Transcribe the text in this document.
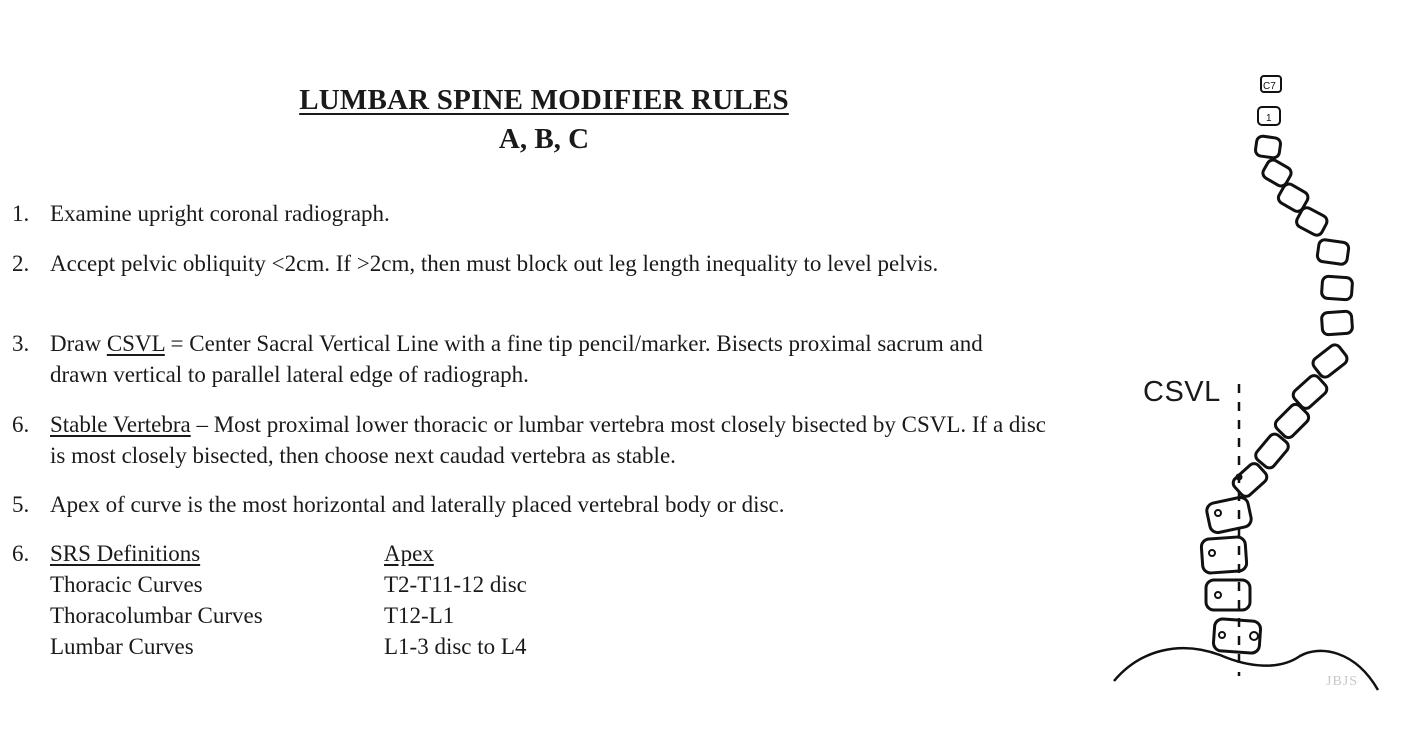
LUMBAR SPINE MODIFIER RULES
A, B, C
1. Examine upright coronal radiograph.
2. Accept pelvic obliquity <2cm. If >2cm, then must block out leg length inequality to level pelvis.
3. Draw CSVL = Center Sacral Vertical Line with a fine tip pencil/marker. Bisects proximal sacrum and drawn vertical to parallel lateral edge of radiograph.
6. Stable Vertebra – Most proximal lower thoracic or lumbar vertebra most closely bisected by CSVL. If a disc is most closely bisected, then choose next caudad vertebra as stable.
5. Apex of curve is the most horizontal and laterally placed vertebral body or disc.
6. SRS Definitions	Apex
Thoracic Curves	T2-T11-12 disc
Thoracolumbar Curves	T12-L1
Lumbar Curves	L1-3 disc to L4
CSVL
C7
1
JBJS
